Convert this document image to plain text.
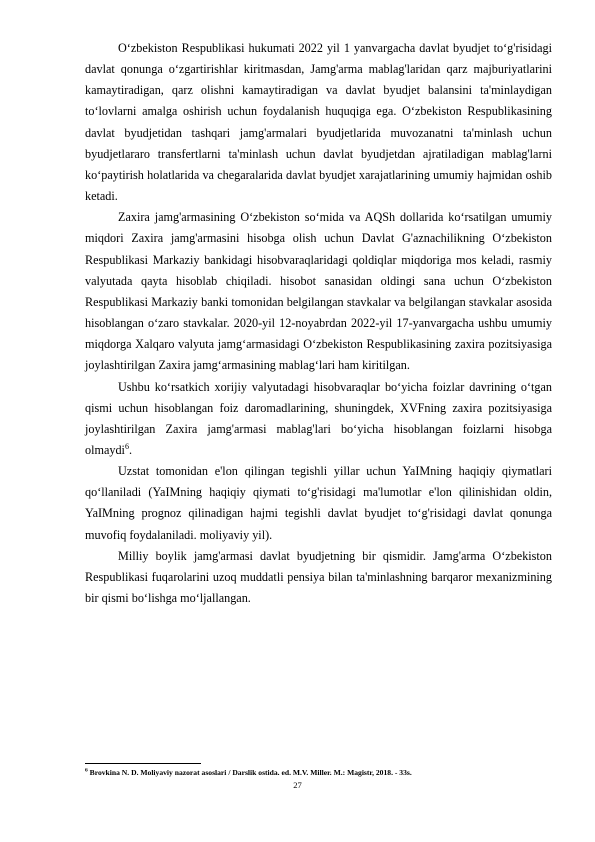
O‘zbekiston Respublikasi hukumati 2022 yil 1 yanvargacha davlat byudjet to‘g'risidagi davlat qonunga o‘zgartirishlar kiritmasdan, Jamg'arma mablag'laridan qarz majburiyatlarini kamaytiradigan, qarz olishni kamaytiradigan va davlat byudjet balansini ta'minlaydigan to‘lovlarni amalga oshirish uchun foydalanish huquqiga ega. O‘zbekiston Respublikasining davlat byudjetidan tashqari jamg'armalari byudjetlarida muvozanatni ta'minlash uchun byudjetlararo transfertlarni ta'minlash uchun davlat byudjetdan ajratiladigan mablag'larni ko‘paytirish holatlarida va chegaralarida davlat byudjet xarajatlarining umumiy hajmidan oshib ketadi.

Zaxira jamg'armasining O‘zbekiston so‘mida va AQSh dollarida ko‘rsatilgan umumiy miqdori Zaxira jamg'armasini hisobga olish uchun Davlat G'aznachilikning O‘zbekiston Respublikasi Markaziy bankidagi hisobvaraqlaridagi qoldiqlar miqdoriga mos keladi, rasmiy valyutada qayta hisoblab chiqiladi. hisobot sanasidan oldingi sana uchun O‘zbekiston Respublikasi Markaziy banki tomonidan belgilangan stavkalar va belgilangan stavkalar asosida hisoblangan o‘zaro stavkalar. 2020-yil 12-noyabrdan 2022-yil 17-yanvargacha ushbu umumiy miqdorga Xalqaro valyuta jamg‘armasidagi O‘zbekiston Respublikasining zaxira pozitsiyasiga joylashtirilgan Zaxira jamg‘armasining mablag‘lari ham kiritilgan.

Ushbu ko‘rsatkich xorijiy valyutadagi hisobvaraqlar bo‘yicha foizlar davrining o‘tgan qismi uchun hisoblangan foiz daromadlarining, shuningdek, XVFning zaxira pozitsiyasiga joylashtirilgan Zaxira jamg'armasi mablag'lari bo‘yicha hisoblangan foizlarni hisobga olmaydi$^6$.

Uzstat tomonidan e'lon qilingan tegishli yillar uchun YaIMning haqiqiy qiymatlari qo‘llaniladi (YaIMning haqiqiy qiymati to‘g'risidagi ma'lumotlar e'lon qilinishidan oldin, YaIMning prognoz qilinadigan hajmi tegishli davlat byudjet to‘g'risidagi davlat qonunga muvofiq foydalaniladi. moliyaviy yil).

Milliy boylik jamg'armasi davlat byudjetning bir qismidir. Jamg'arma O‘zbekiston Respublikasi fuqarolarini uzoq muddatli pensiya bilan ta'minlashning barqaror mexanizmining bir qismi bo‘lishga mo‘ljallangan.

$^6$ Brovkina N. D. Moliyaviy nazorat asoslari / Darslik ostida. ed. M.V. Miller. M.: Magistr, 2018. - 33s.

27
